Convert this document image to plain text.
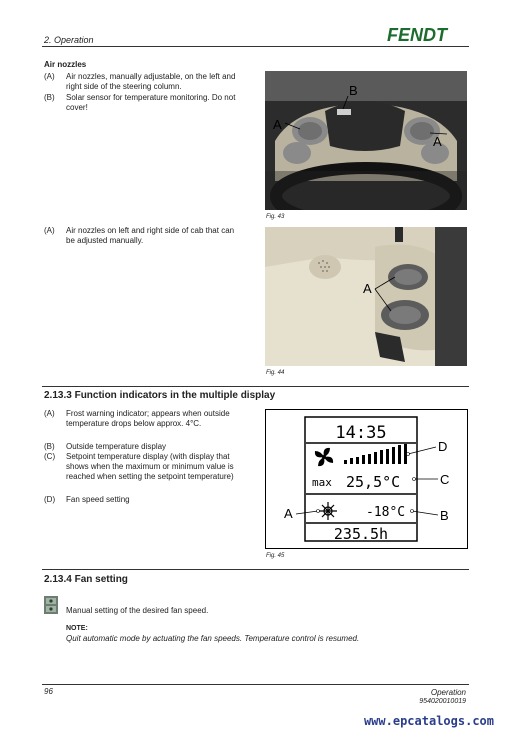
2. Operation	FENDT
Air nozzles
(A)	Air nozzles, manually adjustable, on the left and right side of the steering column.
(B)	Solar sensor for temperature monitoring. Do not cover!
B
A
A
Fig. 43
(A)	Air nozzles on left and right side of cab that can be adjusted manually.
A
Fig. 44
2.13.3 Function indicators in the multiple display
(A)	Frost warning indicator; appears when outside temperature drops below approx. 4°C.
(B)	Outside temperature display
(C)	Setpoint temperature display (with display that shows when the maximum or minimum value is reached when setting the setpoint temperature)
(D)	Fan speed setting
14:35
max 25,5°C
-18°C
235.5h
D
C
B
A
Fig. 45
2.13.4 Fan setting
Manual setting of the desired fan speed.
NOTE:
Quit automatic mode by actuating the fan speeds. Temperature control is resumed.
96	Operation
954020010019
www.epcatalogs.com
